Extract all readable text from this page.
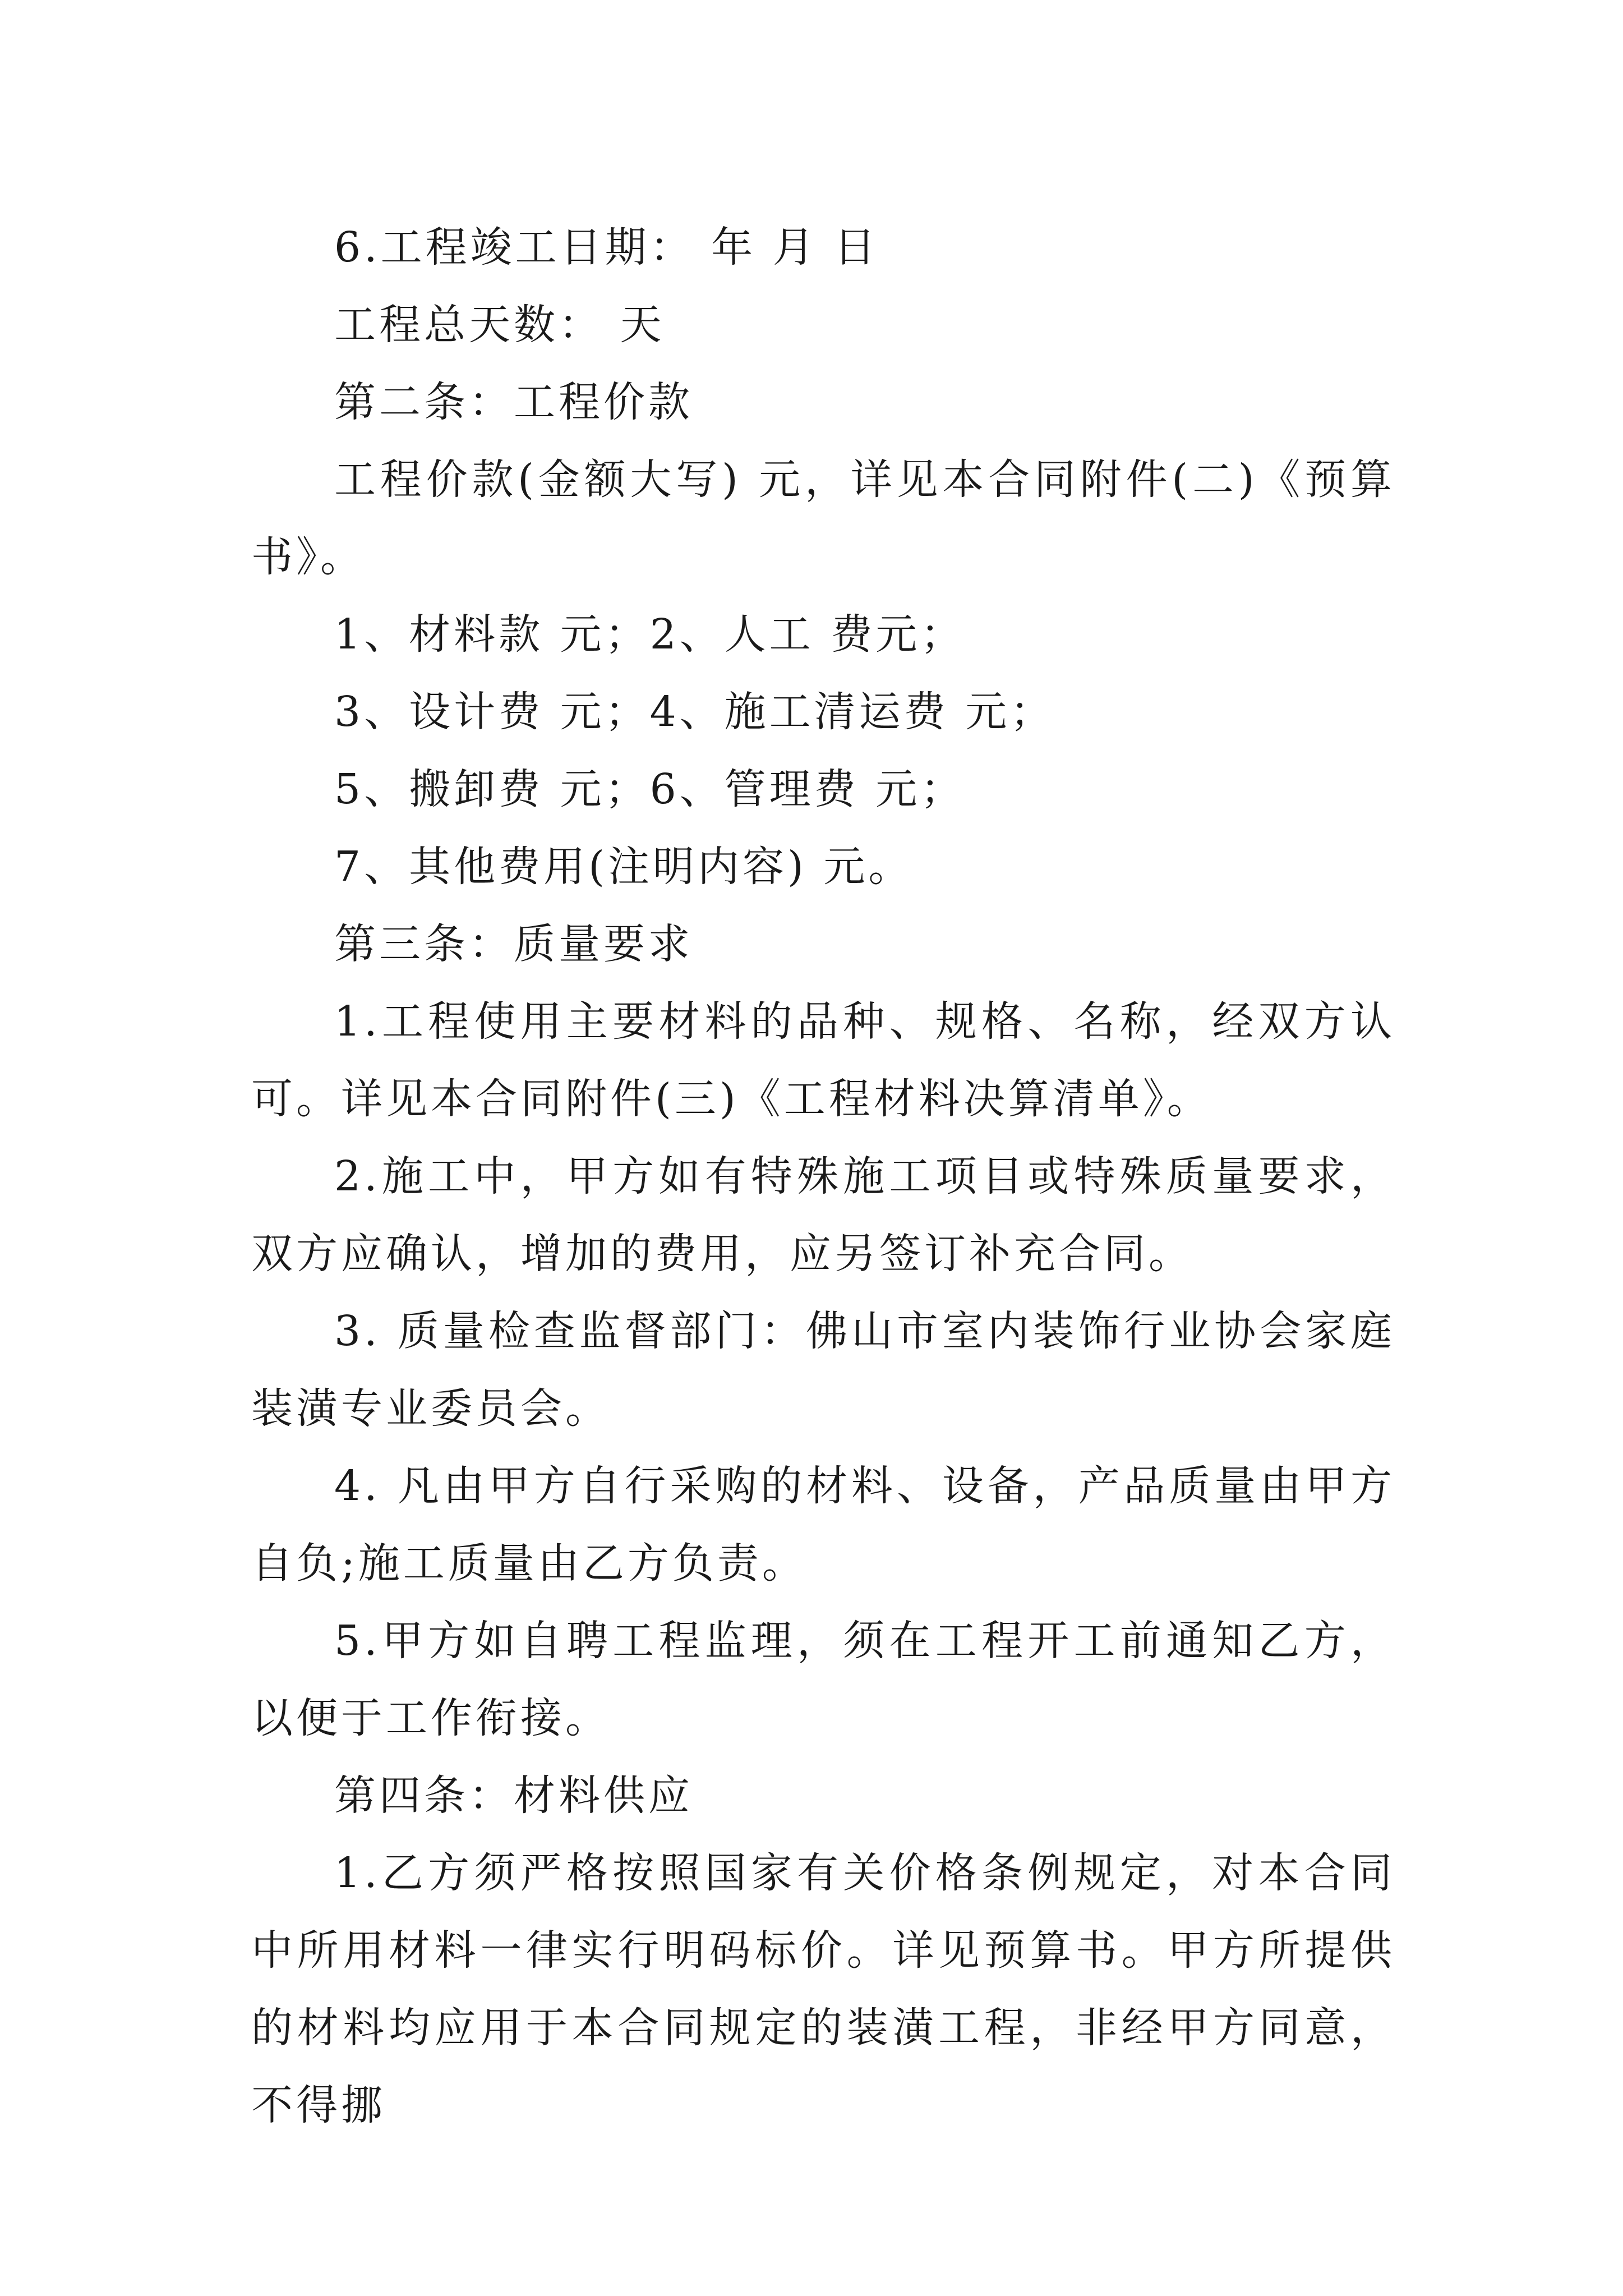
6.工程竣工日期： 年 月 日

工程总天数： 天

第二条：工程价款

工程价款(金额大写) 元，详见本合同附件(二)《预算书》。

1、材料款 元；2、人工 费元；

3、设计费 元；4、施工清运费 元；

5、搬卸费 元；6、管理费 元；

7、其他费用(注明内容) 元。

第三条：质量要求

1.工程使用主要材料的品种、规格、名称，经双方认可。详见本合同附件(三)《工程材料决算清单》。

2.施工中，甲方如有特殊施工项目或特殊质量要求，双方应确认，增加的费用，应另签订补充合同。

3. 质量检查监督部门：佛山市室内装饰行业协会家庭装潢专业委员会。

4. 凡由甲方自行采购的材料、设备，产品质量由甲方自负;施工质量由乙方负责。

5.甲方如自聘工程监理，须在工程开工前通知乙方，以便于工作衔接。

第四条：材料供应

1.乙方须严格按照国家有关价格条例规定，对本合同中所用材料一律实行明码标价。详见预算书。甲方所提供的材料均应用于本合同规定的装潢工程，非经甲方同意，不得挪
